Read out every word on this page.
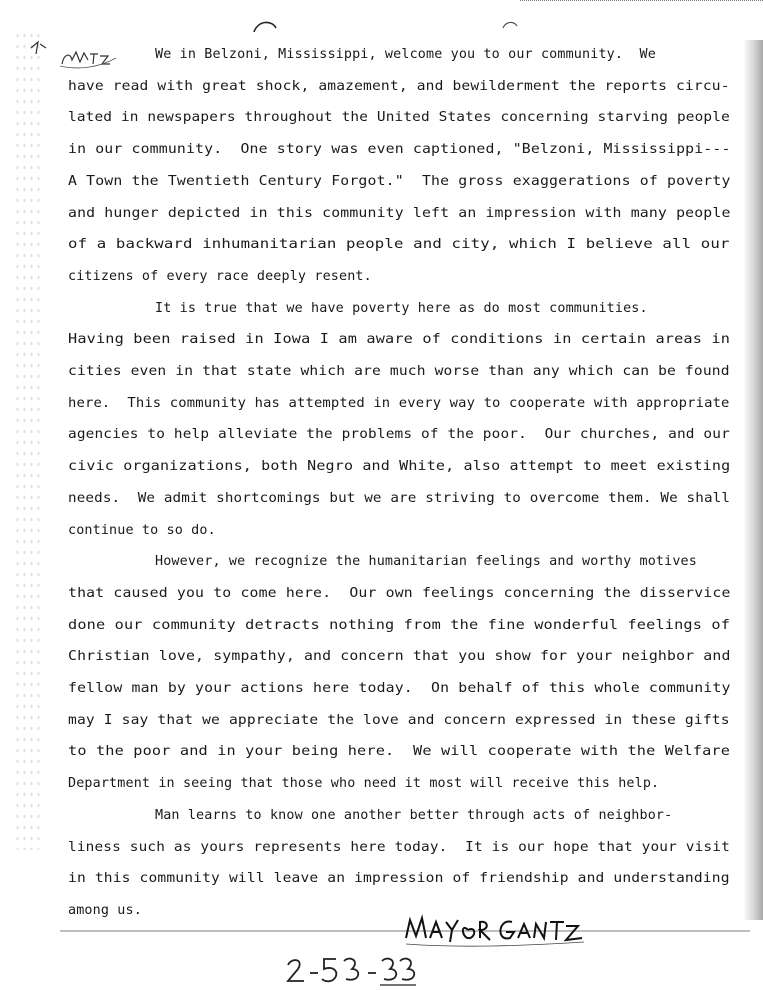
We in Belzoni, Mississippi, welcome you to our community.  We
have read with great shock, amazement, and bewilderment the reports circu-
lated in newspapers throughout the United States concerning starving people
in our community.  One story was even captioned, "Belzoni, Mississippi---
A Town the Twentieth Century Forgot."  The gross exaggerations of poverty
and hunger depicted in this community left an impression with many people
of a backward inhumanitarian people and city, which I believe all our
citizens of every race deeply resent.
It is true that we have poverty here as do most communities.
Having been raised in Iowa I am aware of conditions in certain areas in
cities even in that state which are much worse than any which can be found
here.  This community has attempted in every way to cooperate with appropriate
agencies to help alleviate the problems of the poor.  Our churches, and our
civic organizations, both Negro and White, also attempt to meet existing
needs.  We admit shortcomings but we are striving to overcome them. We shall
continue to so do.
However, we recognize the humanitarian feelings and worthy motives
that caused you to come here.  Our own feelings concerning the disservice
done our community detracts nothing from the fine wonderful feelings of
Christian love, sympathy, and concern that you show for your neighbor and
fellow man by your actions here today.  On behalf of this whole community
may I say that we appreciate the love and concern expressed in these gifts
to the poor and in your being here.  We will cooperate with the Welfare
Department in seeing that those who need it most will receive this help.
Man learns to know one another better through acts of neighbor-
liness such as yours represents here today.  It is our hope that your visit
in this community will leave an impression of friendship and understanding
among us.
